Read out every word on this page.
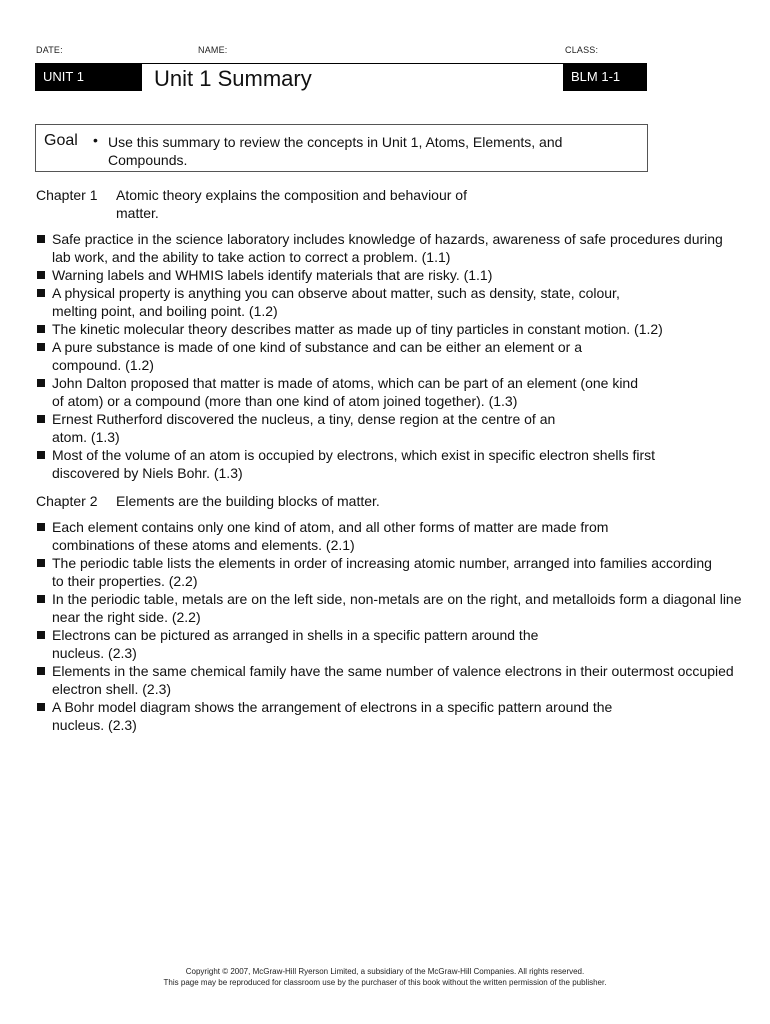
DATE:	NAME:	CLASS:
UNIT 1	Unit 1 Summary	BLM 1-1
Goal • Use this summary to review the concepts in Unit 1, Atoms, Elements, and Compounds.
Chapter 1 Atomic theory explains the composition and behaviour of matter.
Safe practice in the science laboratory includes knowledge of hazards, awareness of safe procedures during lab work, and the ability to take action to correct a problem. (1.1)
Warning labels and WHMIS labels identify materials that are risky. (1.1)
A physical property is anything you can observe about matter, such as density, state, colour, melting point, and boiling point. (1.2)
The kinetic molecular theory describes matter as made up of tiny particles in constant motion. (1.2)
A pure substance is made of one kind of substance and can be either an element or a compound. (1.2)
John Dalton proposed that matter is made of atoms, which can be part of an element (one kind of atom) or a compound (more than one kind of atom joined together). (1.3)
Ernest Rutherford discovered the nucleus, a tiny, dense region at the centre of an atom. (1.3)
Most of the volume of an atom is occupied by electrons, which exist in specific electron shells first discovered by Niels Bohr. (1.3)
Chapter 2 Elements are the building blocks of matter.
Each element contains only one kind of atom, and all other forms of matter are made from combinations of these atoms and elements. (2.1)
The periodic table lists the elements in order of increasing atomic number, arranged into families according to their properties. (2.2)
In the periodic table, metals are on the left side, non-metals are on the right, and metalloids form a diagonal line near the right side. (2.2)
Electrons can be pictured as arranged in shells in a specific pattern around the nucleus. (2.3)
Elements in the same chemical family have the same number of valence electrons in their outermost occupied electron shell. (2.3)
A Bohr model diagram shows the arrangement of electrons in a specific pattern around the nucleus. (2.3)
Copyright © 2007, McGraw-Hill Ryerson Limited, a subsidiary of the McGraw-Hill Companies. All rights reserved.
This page may be reproduced for classroom use by the purchaser of this book without the written permission of the publisher.
